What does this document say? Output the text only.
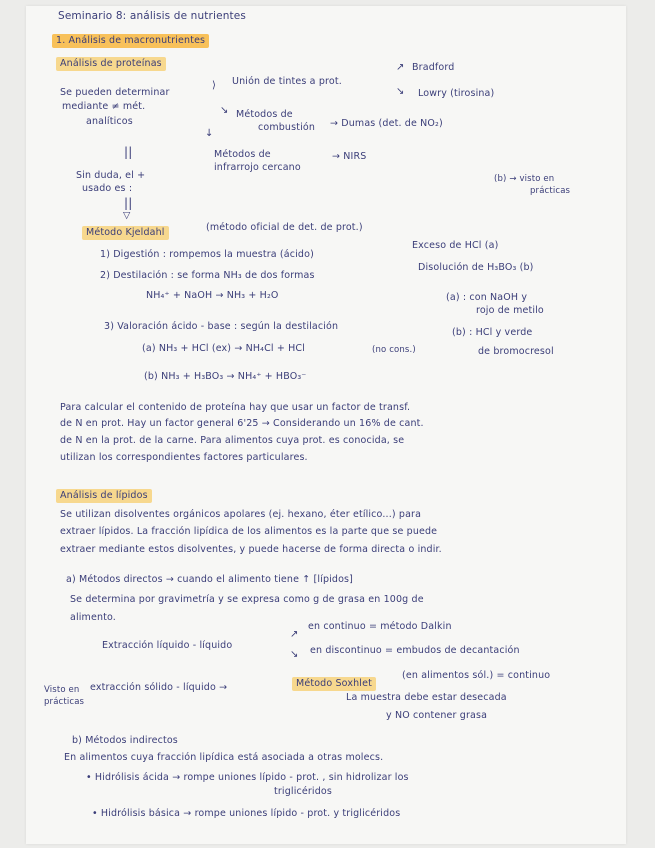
Seminario 8: análisis de nutrientes
1. Análisis de macronutrientes
Análisis de proteínas
Se pueden determinar
mediante ≠ mét.
analíticos
⟩ Unión de tintes a prot.
↗ Bradford
↘ Lowry (tirosina)
↘ Métodos de
combustión → Dumas (det. de NO₂)
↓
Métodos de
infrarrojo cercano
→ NIRS
||
Sin duda, el +
usado es :
||
▽
(b) → visto en
prácticas
Método Kjeldahl	(método oficial de det. de prot.)
1) Digestión : rompemos la muestra (ácido)
Exceso de HCl (a)
2) Destilación : se forma NH₃ de dos formas
Disolución de H₃BO₃ (b)
NH₄⁺ + NaOH → NH₃ + H₂O
3) Valoración ácido - base : según la destilación
(a) : con NaOH y
rojo de metilo
(b) : HCl y verde
de bromocresol
(a) NH₃ + HCl (ex) → NH₄Cl + HCl	(no cons.)
(b) NH₃ + H₃BO₃ → NH₄⁺ + HBO₃⁻
Para calcular el contenido de proteína hay que usar un factor de transf.
de N en prot. Hay un factor general 6'25 → Considerando un 16% de cant.
de N en la prot. de la carne. Para alimentos cuya prot. es conocida, se
utilizan los correspondientes factores particulares.
Análisis de lípidos
Se utilizan disolventes orgánicos apolares (ej. hexano, éter etílico...) para
extraer lípidos. La fracción lipídica de los alimentos es la parte que se puede
extraer mediante estos disolventes, y puede hacerse de forma directa o indir.
a) Métodos directos → cuando el alimento tiene ↑ [lípidos]
Se determina por gravimetría y se expresa como g de grasa en 100g de
alimento.
Extracción líquido - líquido
↗
en continuo = método Dalkin
↘ en discontinuo = embudos de decantación
Visto en
prácticas
extracción sólido - líquido →	Método Soxhlet
(en alimentos sól.) = continuo
La muestra debe estar desecada
y NO contener grasa
b) Métodos indirectos
En alimentos cuya fracción lipídica está asociada a otras molecs.
• Hidrólisis ácida → rompe uniones lípido - prot. , sin hidrolizar los
triglicéridos
• Hidrólisis básica → rompe uniones lípido - prot. y triglicéridos
